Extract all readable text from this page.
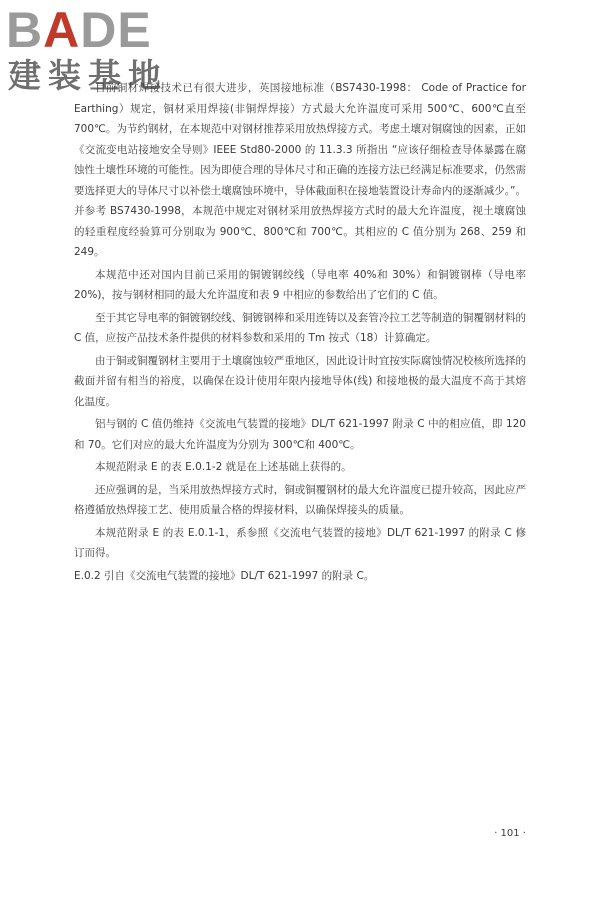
BADE
建装基地

目前铜材焊接技术已有很大进步，英国接地标准（BS7430-1998： Code of Practice for Earthing）规定，铜材采用焊接(非铜焊焊接）方式最大允许温度可采用 500℃、600℃直至 700℃。为节约钢材，在本规范中对钢材推荐采用放热焊接方式。考虑土壤对铜腐蚀的因素，正如《交流变电站接地安全导则》IEEE Std80-2000 的 11.3.3 所指出 “应该仔细检查导体暴露在腐蚀性土壤性环境的可能性。因为即使合理的导体尺寸和正确的连接方法已经满足标准要求，仍然需要选择更大的导体尺寸以补偿土壤腐蚀环境中，导体截面积在接地装置设计寿命内的逐渐减少。”。并参考 BS7430-1998，本规范中规定对钢材采用放热焊接方式时的最大允许温度，视土壤腐蚀的轻重程度经验算可分别取为 900℃、800℃和 700℃。其相应的 C 值分别为 268、259 和 249。

本规范中还对国内目前已采用的铜镀钢绞线（导电率 40%和 30%）和铜镀钢棒（导电率 20%)，按与钢材相同的最大允许温度和表 9 中相应的参数给出了它们的 C 值。

至于其它导电率的铜镀钢绞线、铜镀钢棒和采用连铸以及套管冷拉工艺等制造的铜覆钢材料的 C 值，应按产品技术条件提供的材料参数和采用的 Tm 按式（18）计算确定。

由于铜或铜覆钢材主要用于土壤腐蚀较严重地区，因此设计时宜按实际腐蚀情况校核所选择的截面并留有相当的裕度，以确保在设计使用年限内接地导体(线) 和接地极的最大温度不高于其熔化温度。

铝与钢的 C 值仍维持《交流电气装置的接地》DL/T 621-1997 附录 C 中的相应值，即 120 和 70。它们对应的最大允许温度为分别为 300℃和 400℃。

本规范附录 E 的表 E.0.1-2 就是在上述基础上获得的。

还应强调的是，当采用放热焊接方式时，铜或铜覆钢材的最大允许温度已提升较高，因此应严格遵循放热焊接工艺、使用质量合格的焊接材料，以确保焊接头的质量。

本规范附录 E 的表 E.0.1-1，系参照《交流电气装置的接地》DL/T 621-1997 的附录 C 修订而得。

E.0.2 引自《交流电气装置的接地》DL/T 621-1997 的附录 C。

· 101 ·
